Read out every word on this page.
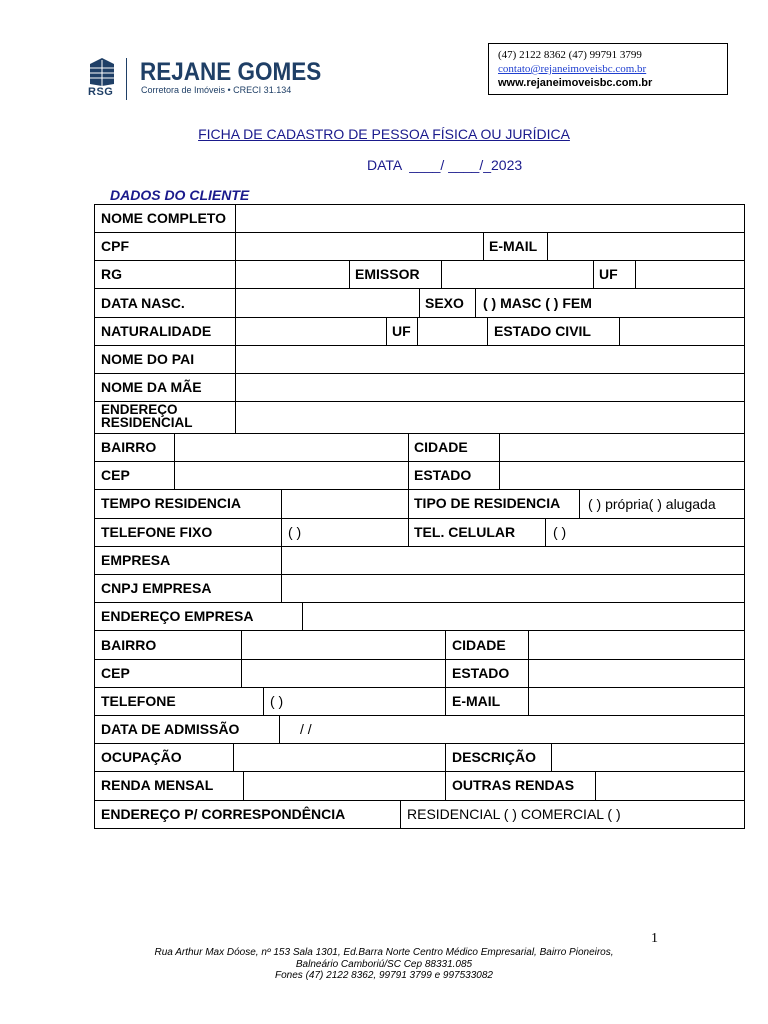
RSG
REJANE GOMES
Corretora de Imóveis • CRECI 31.134
(47) 2122 8362 (47) 99791 3799
contato@rejaneimoveisbc.com.br
www.rejaneimoveisbc.com.br
FICHA DE CADASTRO DE PESSOA FÍSICA OU JURÍDICA
DATA  ____/ ____/_2023
DADOS DO CLIENTE
NOME COMPLETO
CPF	E-MAIL
RG	EMISSOR	UF
DATA NASC.	SEXO ( ) MASC ( ) FEM
NATURALIDADE	UF	ESTADO CIVIL
NOME DO PAI
NOME DA MÃE
ENDEREÇO
RESIDENCIAL
BAIRRO	CIDADE
CEP	ESTADO
TEMPO RESIDENCIA	TIPO DE RESIDENCIA ( ) própria( ) alugada
TELEFONE FIXO	( )	TEL. CELULAR	( )
EMPRESA
CNPJ EMPRESA
ENDEREÇO EMPRESA
BAIRRO	CIDADE
CEP	ESTADO
TELEFONE	( )	E-MAIL
DATA DE ADMISSÃO	/ /
OCUPAÇÃO	DESCRIÇÃO
RENDA MENSAL	OUTRAS RENDAS
ENDEREÇO P/ CORRESPONDÊNCIA	RESIDENCIAL ( ) COMERCIAL ( )
1
Rua Arthur Max Dóose, nº 153 Sala 1301, Ed.Barra Norte Centro Médico Empresarial, Bairro Pioneiros,
Balneário Camboriú/SC Cep 88331.085
Fones (47) 2122 8362, 99791 3799 e 997533082
